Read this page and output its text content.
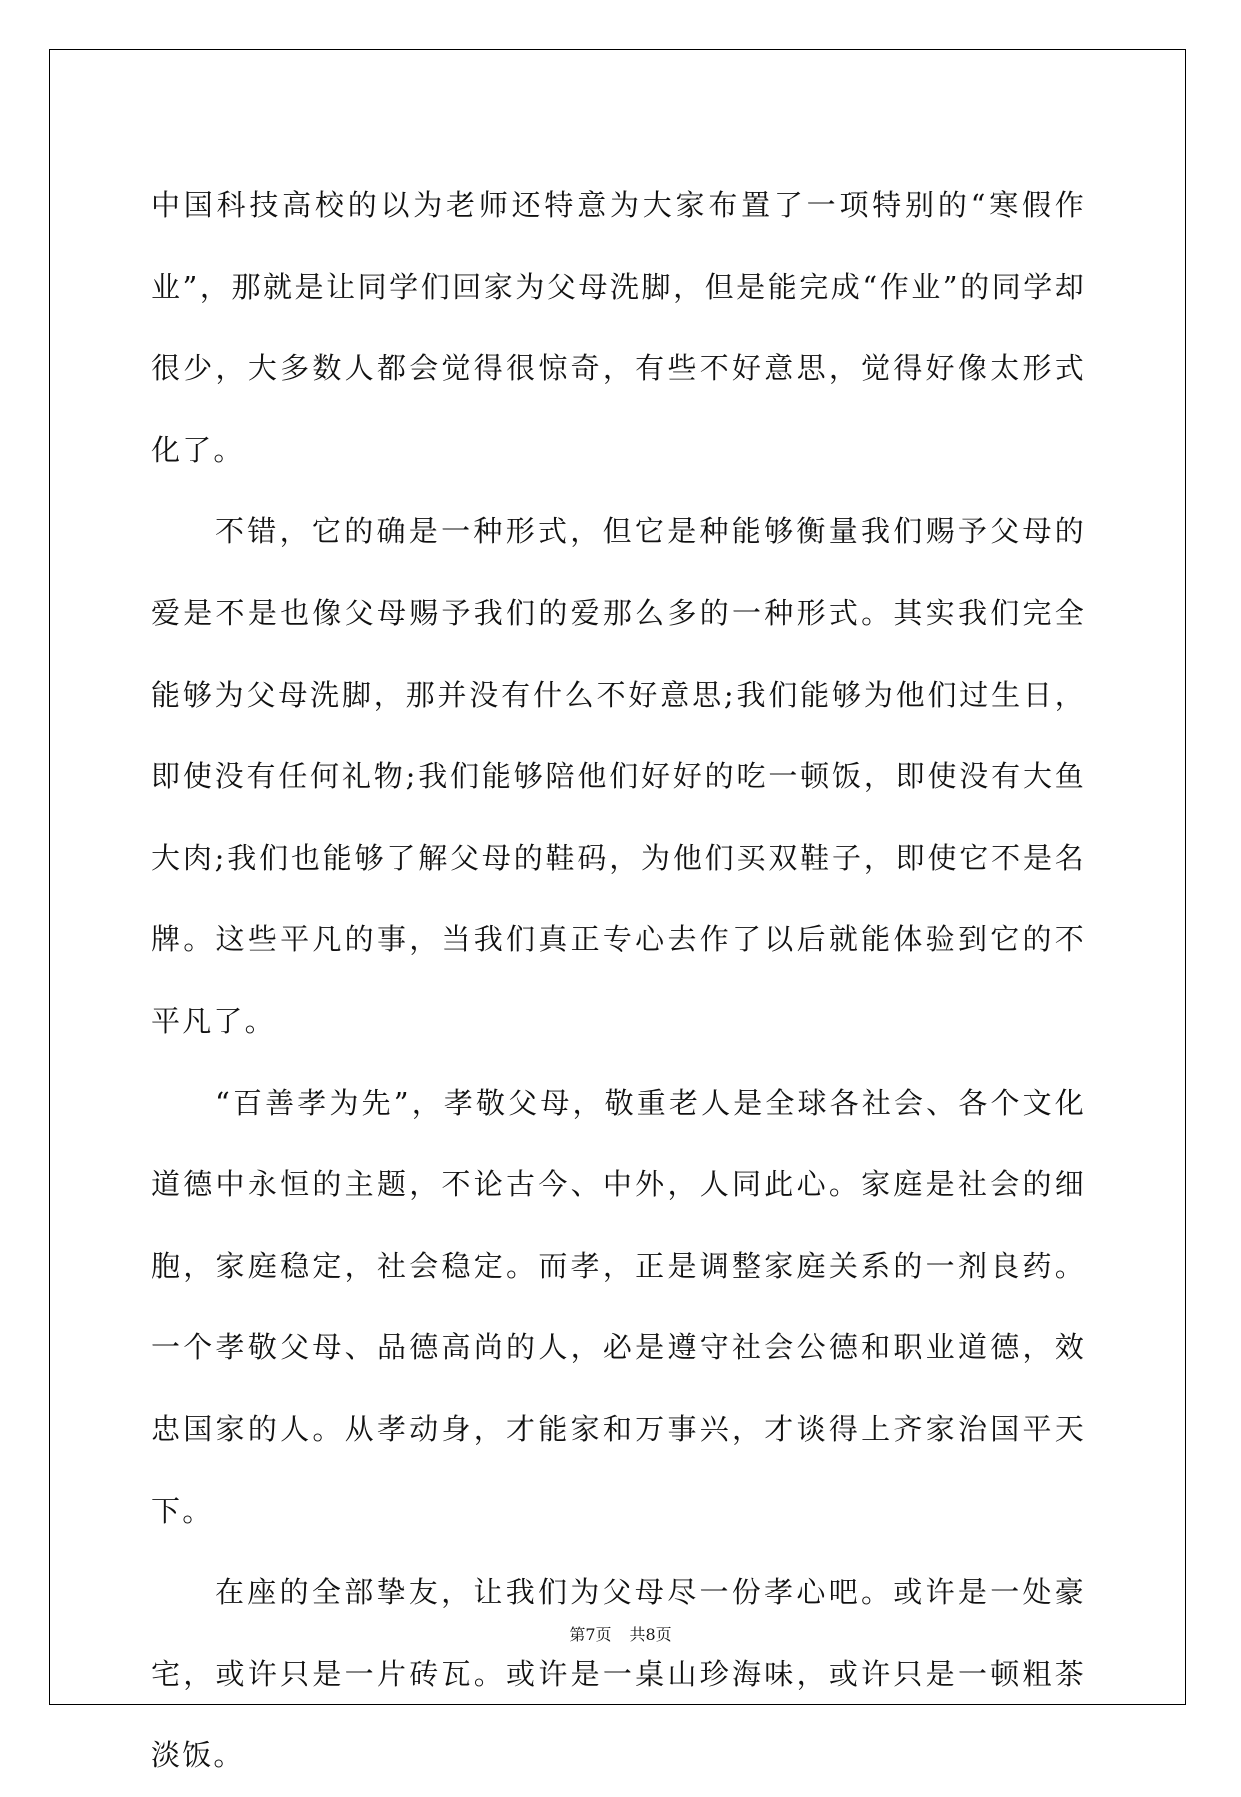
中国科技高校的以为老师还特意为大家布置了一项特别的“寒假作业”，那就是让同学们回家为父母洗脚，但是能完成“作业”的同学却很少，大多数人都会觉得很惊奇，有些不好意思，觉得好像太形式化了。

不错，它的确是一种形式，但它是种能够衡量我们赐予父母的爱是不是也像父母赐予我们的爱那么多的一种形式。其实我们完全能够为父母洗脚，那并没有什么不好意思;我们能够为他们过生日，即使没有任何礼物;我们能够陪他们好好的吃一顿饭，即使没有大鱼大肉;我们也能够了解父母的鞋码，为他们买双鞋子，即使它不是名牌。这些平凡的事，当我们真正专心去作了以后就能体验到它的不平凡了。

“百善孝为先”，孝敬父母，敬重老人是全球各社会、各个文化道德中永恒的主题，不论古今、中外，人同此心。家庭是社会的细胞，家庭稳定，社会稳定。而孝，正是调整家庭关系的一剂良药。一个孝敬父母、品德高尚的人，必是遵守社会公德和职业道德，效忠国家的人。从孝动身，才能家和万事兴，才谈得上齐家治国平天下。

在座的全部挚友，让我们为父母尽一份孝心吧。或许是一处豪宅，或许只是一片砖瓦。或许是一桌山珍海味，或许只是一顿粗茶淡饭。

第7页 共8页
